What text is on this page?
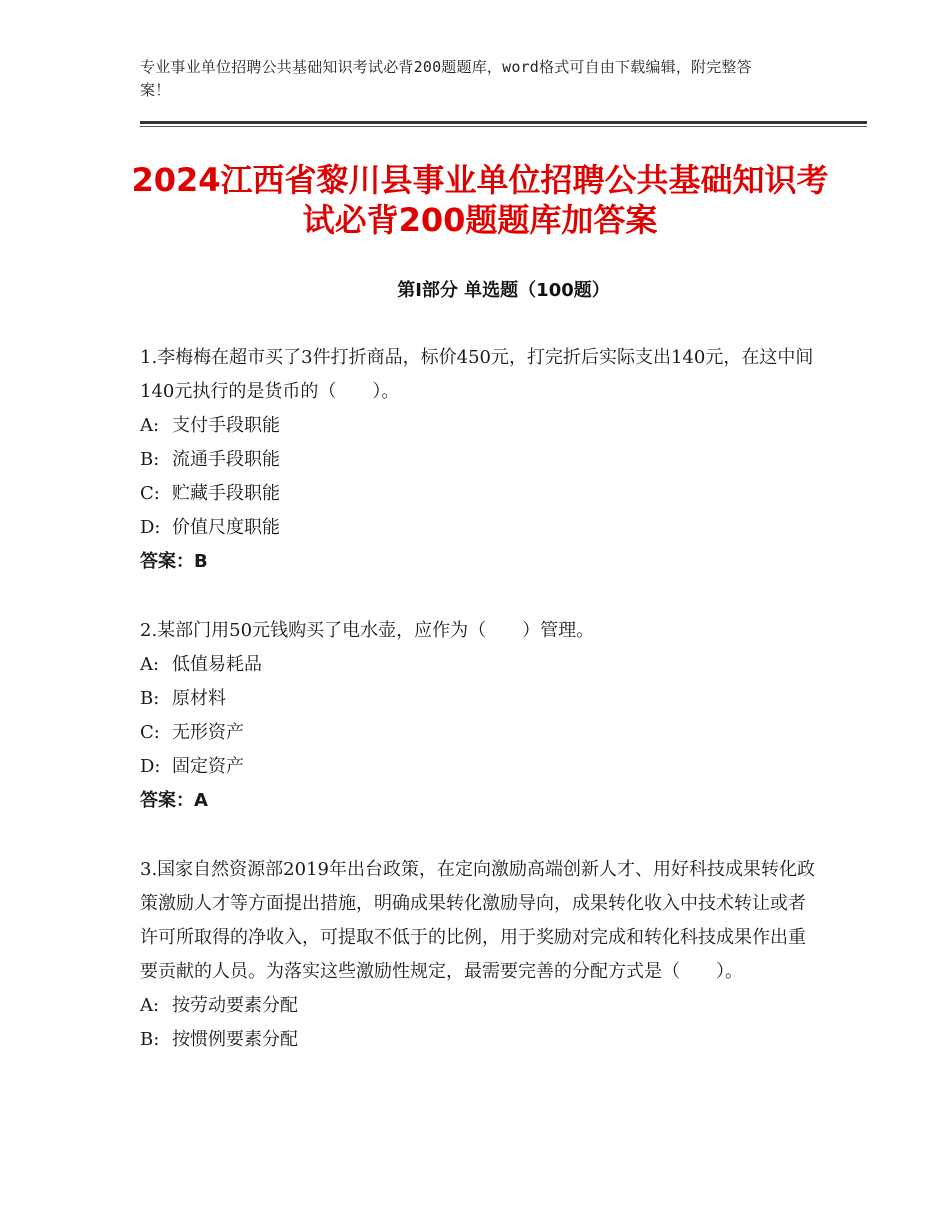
专业事业单位招聘公共基础知识考试必背200题题库，word格式可自由下载编辑，附完整答案！
2024江西省黎川县事业单位招聘公共基础知识考试必背200题题库加答案
第Ⅰ部分 单选题（100题）

1.李梅梅在超市买了3件打折商品，标价450元，打完折后实际支出140元，在这中间140元执行的是货币的（　　）。

A: 支付手段职能

B: 流通手段职能

C: 贮藏手段职能

D: 价值尺度职能

答案：B

2.某部门用50元钱购买了电水壶，应作为（　　）管理。

A: 低值易耗品

B: 原材料

C: 无形资产

D: 固定资产

答案：A

3.国家自然资源部2019年出台政策，在定向激励高端创新人才、用好科技成果转化政策激励人才等方面提出措施，明确成果转化激励导向，成果转化收入中技术转让或者许可所取得的净收入，可提取不低于的比例，用于奖励对完成和转化科技成果作出重要贡献的人员。为落实这些激励性规定，最需要完善的分配方式是（　　）。

A: 按劳动要素分配

B: 按惯例要素分配
